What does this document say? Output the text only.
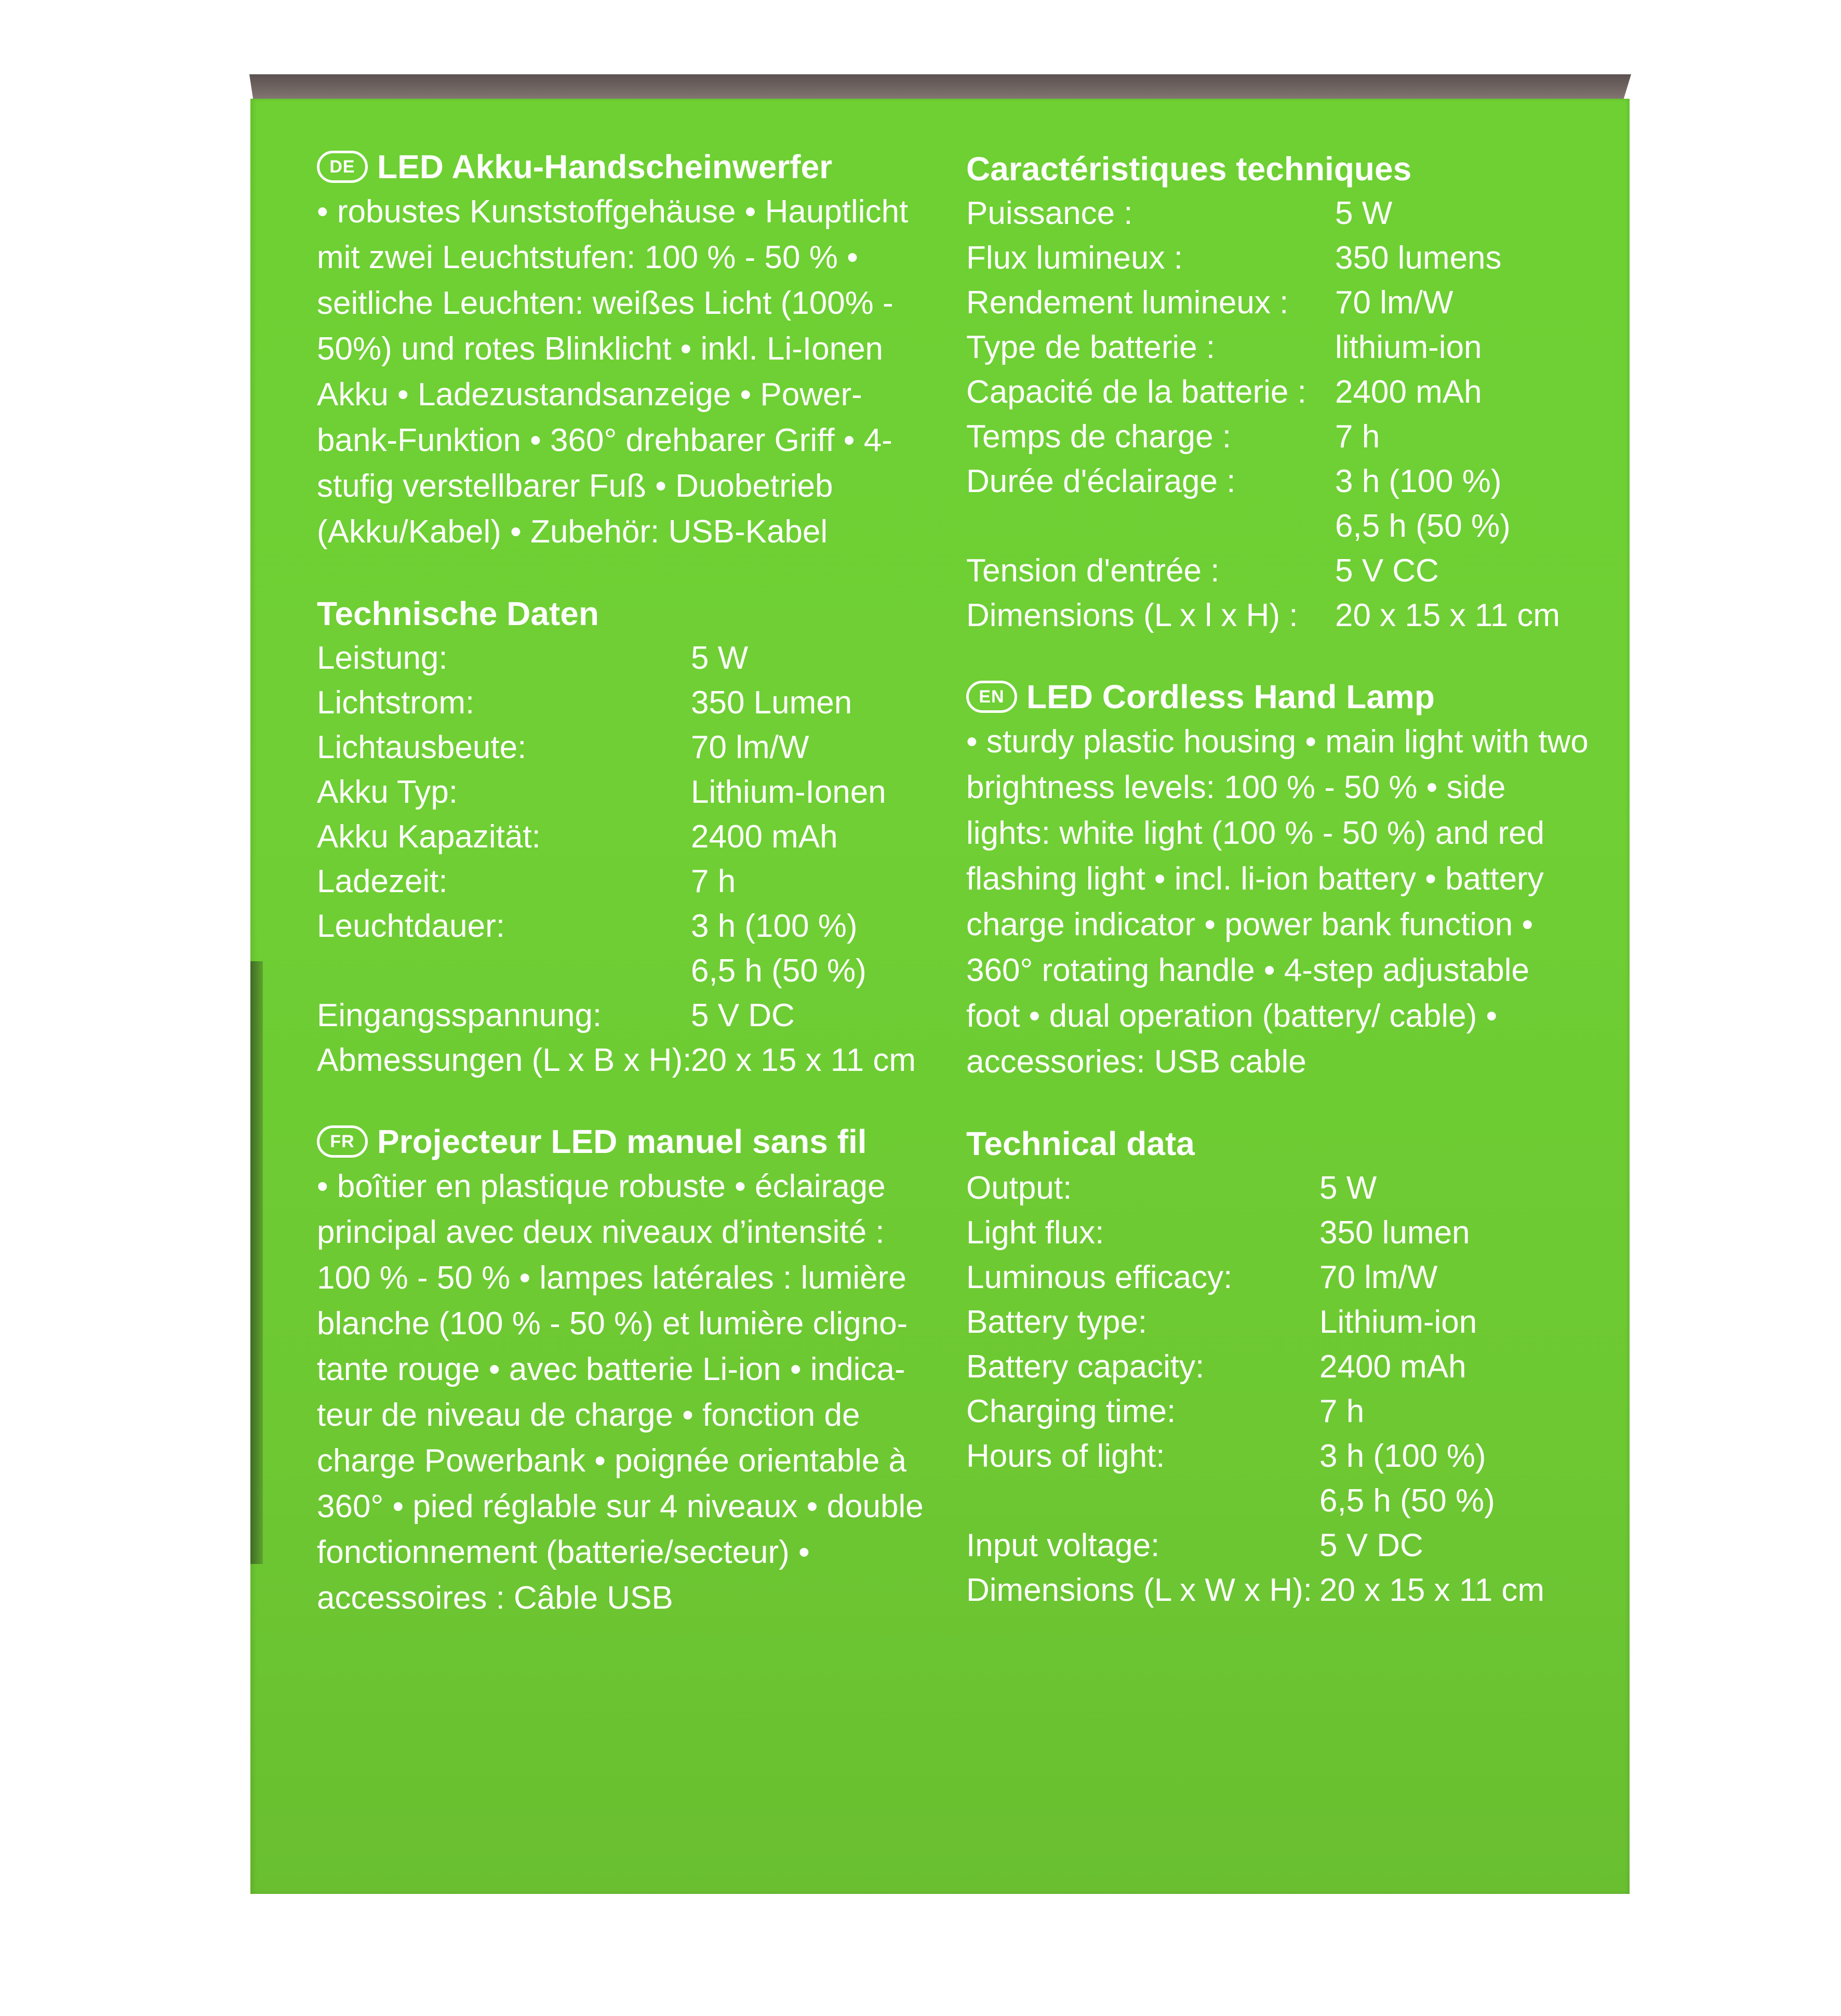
DE LED Akku-Handscheinwerfer

• robustes Kunststoffgehäuse • Hauptlicht mit zwei Leuchtstufen: 100 % - 50 % • seitliche Leuchten: weißes Licht (100% - 50%) und rotes Blinklicht • inkl. Li-Ionen Akku • Ladezustandsanzeige • Power-bank-Funktion • 360° drehbarer Griff • 4-stufig verstellbarer Fuß • Duobetrieb (Akku/Kabel) • Zubehör: USB-Kabel

Technische Daten
Leistung:	5 W
Lichtstrom:	350 Lumen
Lichtausbeute:	70 lm/W
Akku Typ:	Lithium-Ionen
Akku Kapazität:	2400 mAh
Ladezeit:	7 h
Leuchtdauer:	3 h (100 %)
6,5 h (50 %)
Eingangsspannung:	5 V DC
Abmessungen (L x B x H):
20 x 15 x 11 cm
FR Projecteur LED manuel sans fil

• boîtier en plastique robuste • éclairage principal avec deux niveaux d’intensité : 100 % - 50 % • lampes latérales : lumière blanche (100 % - 50 %) et lumière cligno-tante rouge • avec batterie Li-ion • indica-teur de niveau de charge • fonction de charge Powerbank • poignée orientable à 360° • pied réglable sur 4 niveaux • double fonctionnement (batterie/secteur) • accessoires : Câble USB

Caractéristiques techniques
Puissance :	5 W
Flux lumineux :	350 lumens
Rendement lumineux : 70 lm/W
Type de batterie :	lithium-ion
Capacité de la batterie : 2400 mAh
Temps de charge :	7 h
Durée d'éclairage :	3 h (100 %)
6,5 h (50 %)
Tension d'entrée :	5 V CC
Dimensions (L x l x H) : 20 x 15 x 11 cm
EN LED Cordless Hand Lamp

• sturdy plastic housing • main light with two brightness levels: 100 % - 50 % • side lights: white light (100 % - 50 %) and red flashing light • incl. li-ion battery • battery charge indicator • power bank function • 360° rotating handle • 4-step adjustable foot • dual operation (battery/ cable) • accessories: USB cable

Technical data
Output:	5 W
Light flux:	350 lumen
Luminous efficacy:	70 lm/W
Battery type:	Lithium-ion
Battery capacity:	2400 mAh
Charging time:	7 h
Hours of light:	3 h (100 %)
6,5 h (50 %)
Input voltage:	5 V DC
Dimensions (L x W x H): 20 x 15 x 11 cm
